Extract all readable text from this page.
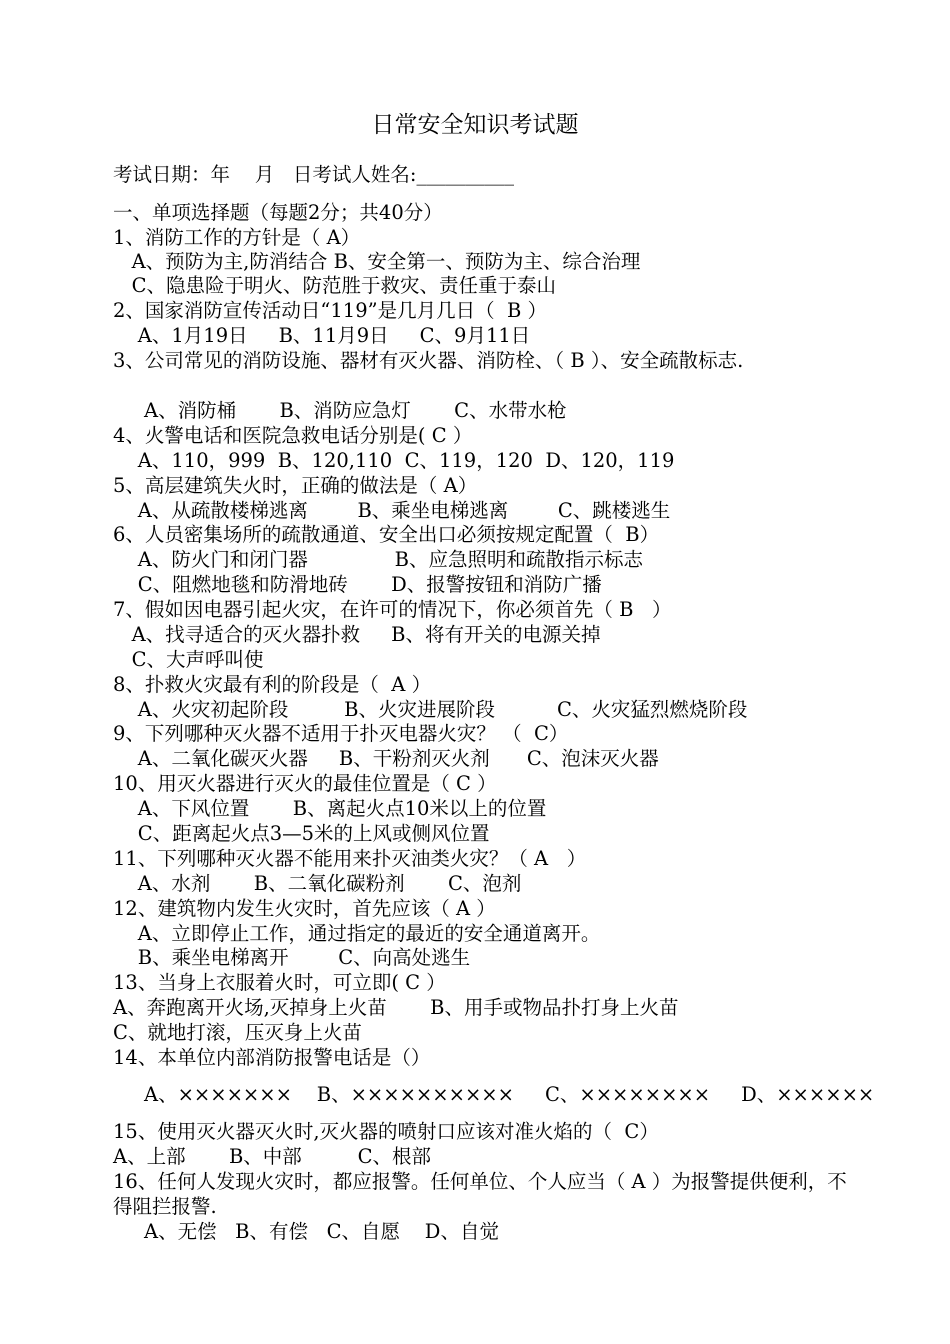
日常安全知识考试题
考试日期：年    月   日考试人姓名:__________
一、单项选择题（每题2分；共40分）
1、消防工作的方针是（ A）
A、预防为主,防消结合 B、安全第一、预防为主、综合治理
C、隐患险于明火、防范胜于救灾、责任重于泰山
2、国家消防宣传活动日“119”是几月几日（  B ）
A、1月19日     B、11月9日     C、9月11日
3、公司常见的消防设施、器材有灭火器、消防栓、（ B ）、安全疏散标志.
A、消防桶       B、消防应急灯       C、水带水枪
4、火警电话和医院急救电话分别是( C ）
A、110，999  B、120,110  C、119，120  D、120，119
5、高层建筑失火时，正确的做法是（ A）
A、从疏散楼梯逃离        B、乘坐电梯逃离        C、跳楼逃生
6、人员密集场所的疏散通道、安全出口必须按规定配置（  B）
A、防火门和闭门器              B、应急照明和疏散指示标志
C、阻燃地毯和防滑地砖       D、报警按钮和消防广播
7、假如因电器引起火灾，在许可的情况下，你必须首先（ B   ）
A、找寻适合的灭火器扑救     B、将有开关的电源关掉
C、大声呼叫使
8、扑救火灾最有利的阶段是（  A ）
A、火灾初起阶段         B、火灾进展阶段          C、火灾猛烈燃烧阶段
9、下列哪种灭火器不适用于扑灭电器火灾？ （  C）
A、二氧化碳灭火器     B、干粉剂灭火剂      C、泡沫灭火器
10、用灭火器进行灭火的最佳位置是（ C ）
A、下风位置       B、离起火点10米以上的位置
C、距离起火点3—5米的上风或侧风位置
11、下列哪种灭火器不能用来扑灭油类火灾？（ A   ）
A、水剂       B、二氧化碳粉剂       C、泡剂
12、建筑物内发生火灾时，首先应该（ A ）
A、立即停止工作，通过指定的最近的安全通道离开。
B、乘坐电梯离开        C、向高处逃生
13、当身上衣服着火时，可立即( C ）
A、奔跑离开火场,灭掉身上火苗       B、用手或物品扑打身上火苗
C、就地打滚，压灭身上火苗
14、本单位内部消防报警电话是（）
A、×××××××    B、××××××××××     C、××××××××     D、××××××
15、使用灭火器灭火时,灭火器的喷射口应该对准火焰的（  C）
A、上部       B、中部         C、根部
16、任何人发现火灾时，都应报警。任何单位、个人应当（ A ）为报警提供便利，不得阻拦报警.
A、无偿   B、有偿   C、自愿    D、自觉
